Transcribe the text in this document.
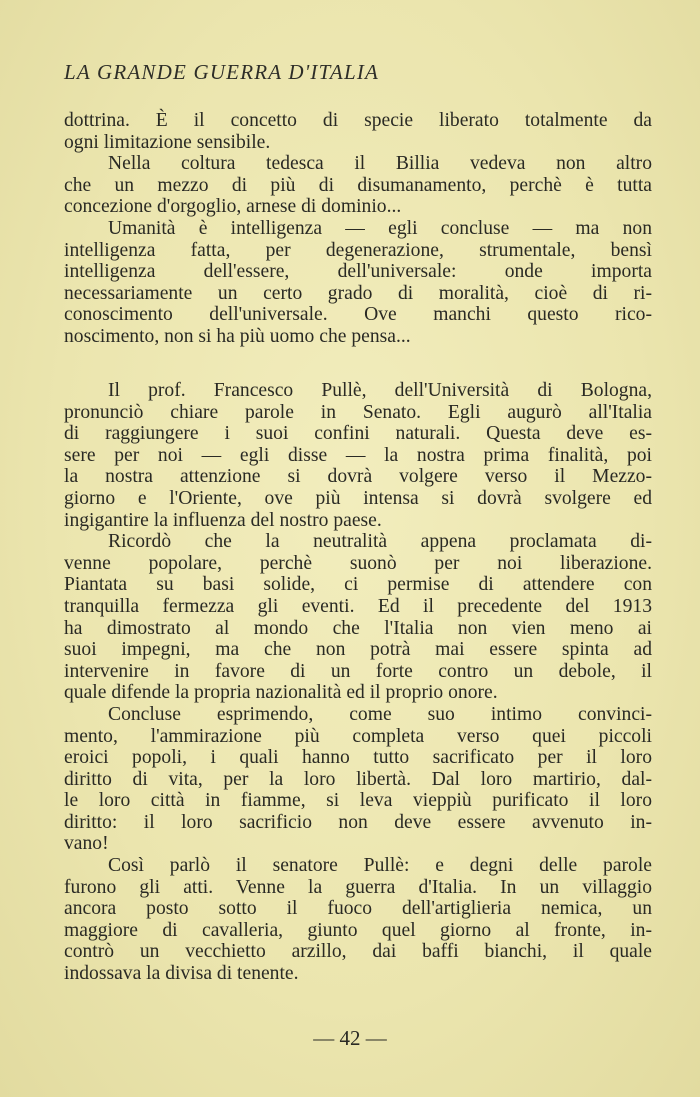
LA GRANDE GUERRA D'ITALIA
dottrina. È il concetto di specie liberato totalmente da
ogni limitazione sensibile.
Nella coltura tedesca il Billia vedeva non altro
che un mezzo di più di disumanamento, perchè è tutta
concezione d'orgoglio, arnese di dominio...
Umanità è intelligenza — egli concluse — ma non
intelligenza fatta, per degenerazione, strumentale, bensì
intelligenza dell'essere, dell'universale: onde importa
necessariamente un certo grado di moralità, cioè di ri-
conoscimento dell'universale. Ove manchi questo rico-
noscimento, non si ha più uomo che pensa...
Il prof. Francesco Pullè, dell'Università di Bologna,
pronunciò chiare parole in Senato. Egli augurò all'Italia
di raggiungere i suoi confini naturali. Questa deve es-
sere per noi — egli disse — la nostra prima finalità, poi
la nostra attenzione si dovrà volgere verso il Mezzo-
giorno e l'Oriente, ove più intensa si dovrà svolgere ed
ingigantire la influenza del nostro paese.
Ricordò che la neutralità appena proclamata di-
venne popolare, perchè suonò per noi liberazione.
Piantata su basi solide, ci permise di attendere con
tranquilla fermezza gli eventi. Ed il precedente del 1913
ha dimostrato al mondo che l'Italia non vien meno ai
suoi impegni, ma che non potrà mai essere spinta ad
intervenire in favore di un forte contro un debole, il
quale difende la propria nazionalità ed il proprio onore.
Concluse esprimendo, come suo intimo convinci-
mento, l'ammirazione più completa verso quei piccoli
eroici popoli, i quali hanno tutto sacrificato per il loro
diritto di vita, per la loro libertà. Dal loro martirio, dal-
le loro città in fiamme, si leva vieppiù purificato il loro
diritto: il loro sacrificio non deve essere avvenuto in-
vano!
Così parlò il senatore Pullè: e degni delle parole
furono gli atti. Venne la guerra d'Italia. In un villaggio
ancora posto sotto il fuoco dell'artiglieria nemica, un
maggiore di cavalleria, giunto quel giorno al fronte, in-
contrò un vecchietto arzillo, dai baffi bianchi, il quale
indossava la divisa di tenente.
— 42 —
